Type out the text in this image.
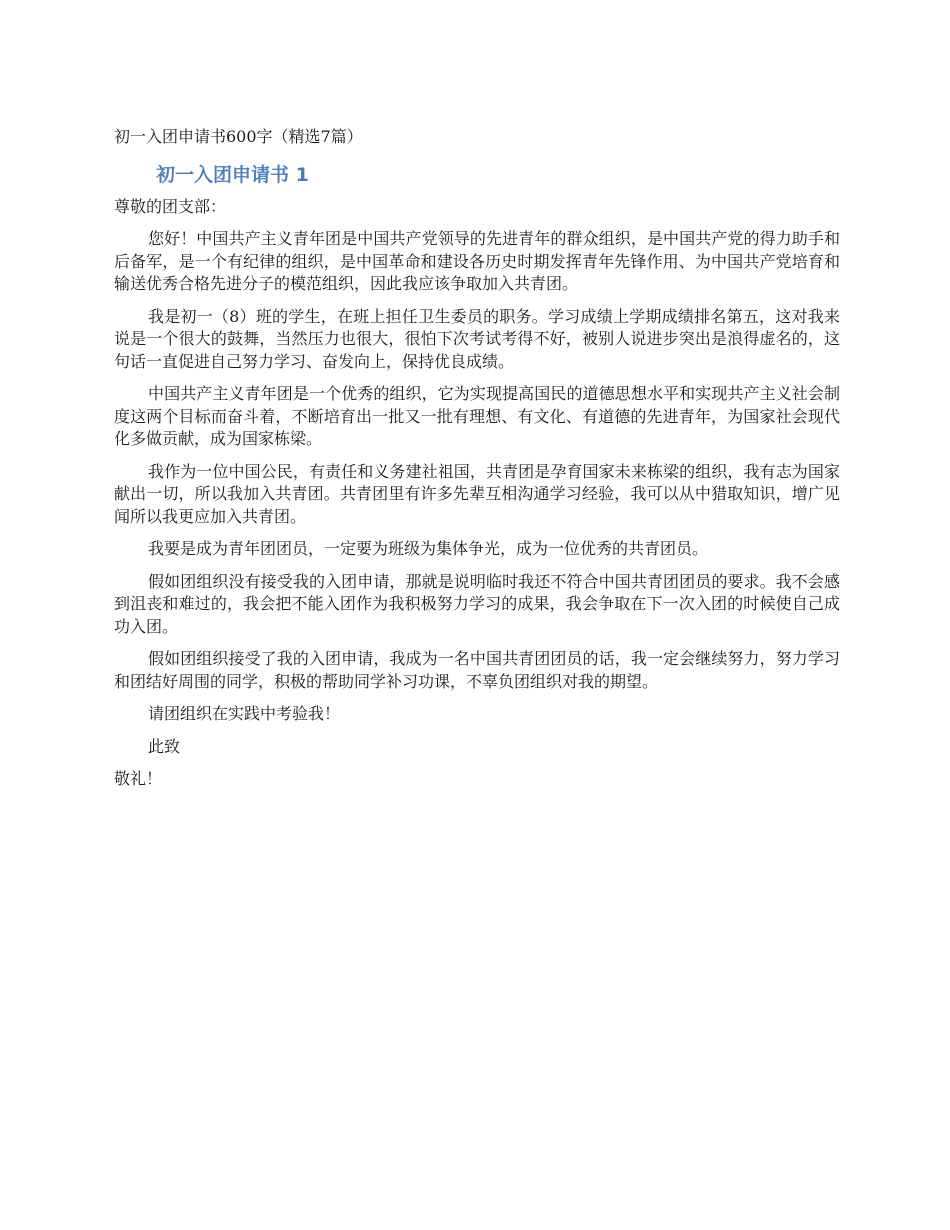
初一入团申请书600字（精选7篇）
初一入团申请书 1
尊敬的团支部：

您好！中国共产主义青年团是中国共产党领导的先进青年的群众组织，是中国共产党的得力助手和后备军，是一个有纪律的组织，是中国革命和建设各历史时期发挥青年先锋作用、为中国共产党培育和输送优秀合格先进分子的模范组织，因此我应该争取加入共青团。

我是初一（8）班的学生，在班上担任卫生委员的职务。学习成绩上学期成绩排名第五，这对我来说是一个很大的鼓舞，当然压力也很大，很怕下次考试考得不好，被别人说进步突出是浪得虚名的，这句话一直促进自己努力学习、奋发向上，保持优良成绩。

中国共产主义青年团是一个优秀的组织，它为实现提高国民的道德思想水平和实现共产主义社会制度这两个目标而奋斗着，不断培育出一批又一批有理想、有文化、有道德的先进青年，为国家社会现代化多做贡献，成为国家栋梁。

我作为一位中国公民，有责任和义务建社祖国，共青团是孕育国家未来栋梁的组织，我有志为国家献出一切，所以我加入共青团。共青团里有许多先辈互相沟通学习经验，我可以从中猎取知识，增广见闻所以我更应加入共青团。

我要是成为青年团团员，一定要为班级为集体争光，成为一位优秀的共青团员。

假如团组织没有接受我的入团申请，那就是说明临时我还不符合中国共青团团员的要求。我不会感到沮丧和难过的，我会把不能入团作为我积极努力学习的成果，我会争取在下一次入团的时候使自己成功入团。

假如团组织接受了我的入团申请，我成为一名中国共青团团员的话，我一定会继续努力，努力学习和团结好周围的同学，积极的帮助同学补习功课，不辜负团组织对我的期望。

请团组织在实践中考验我！

此致
敬礼！
